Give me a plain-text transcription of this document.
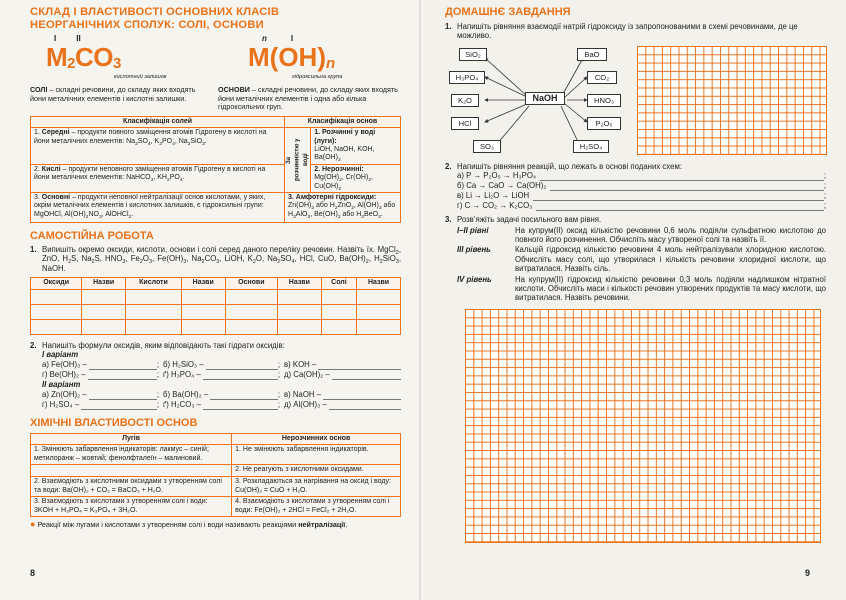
СКЛАД І ВЛАСТИВОСТІ ОСНОВНИХ КЛАСІВ
НЕОРГАНІЧНИХ СПОЛУК: СОЛІ, ОСНОВИ
I	II
$M_2CO_3$
кислотний залишок
n	I
$M(OH)_n$
гідроксильна група
СОЛІ – складні речовини, до складу яких входять йони металічних елементів і кислотні залишки.
ОСНОВИ – складні речовини, до складу яких входять йони металічних елементів і одна або кілька гідроксильних груп.
Класифікація солей	Класифікація основ	
1. Середні – продукти повного заміщення атомів Гідрогену в кислоті на йони металічних елементів: $Na_2SO_4$, $K_3PO_4$, $Na_2SiO_3$.	За розчинністю у воді	1. Розчинні у воді (луги):
LiOH, NaOH, KOH, $Ba(OH)_2$
2. Кислі – продукти неповного заміщення атомів Гідрогену в кислоті на йони металічних елементів: NaHCO$_3$, $KH_2PO_4$.		2. Нерозчинні:
$Mg(OH)_2$, $Cr(OH)_2$, $Cu(OH)_2$
3. Основні – продукти неповної нейтралізації основ кислотами, у яких, окрім металічних елементів і кислотних залишків, є гідроксильні групи: MgOHCl, $Al(OH)_2NO_3$, AlOHCl$_2$.	3. Амфотерні гідроксиди:
$Zn(OH)_2$ або $H_2ZnO_2$, $Al(OH)_3$ або $H_3AlO_3$, $Be(OH)_2$ або $H_2BeO_2$.	
САМОСТІЙНА РОБОТА
1. Випишіть окремо оксиди, кислоти, основи і солі серед даного переліку речовин. Назвіть їх. MgCl$_2$, ZnO, $H_2S$, $Na_2S$, $HNO_3$, $Fe_2O_3$, $Fe(OH)_3$, $Na_2CO_3$, LiOH, $K_2O$, $Na_2SO_4$, HCl, CuO, $Ba(OH)_2$, $H_2SiO_3$, NaOH.
Оксиди	Назви	Кислоти	Назви	Основи	Назви	Солі	Назви

2. Напишіть формули оксидів, яким відповідають такі гідрати оксидів:
I варіант
а) Fe(OH)₃ –	; б) H₂SiO₃ –	; в) KOH –
г) Be(OH)₂ –	; ґ) H₃PO₄ –	; д) Ca(OH)₂ –
II варіант
а) Zn(OH)₂ –	; б) Ba(OH)₂ –	; в) NaOH –
г) H₂SO₄ –	; ґ) H₂CO₃ –	; д) Al(OH)₃ –
ХІМІЧНІ ВЛАСТИВОСТІ ОСНОВ
Лугів	Нерозчинних основ
1. Змінюють забарвлення індикаторів: лакмус – синій; метилоранж – жовтий; фенолфталеїн – малиновий.	1. Не змінюють забарвлення індикаторів.
	2. Не реагують з кислотними оксидами.
2. Взаємодіють з кислотними оксидами з утворенням солі та води: Ba(OH)₂ + CO₂ = BaCO₃ + H₂O.	3. Розкладаються за нагрівання на оксид і воду: Cu(OH)₂ = CuO + H₂O.
3. Взаємодіють з кислотами з утворенням солі і води: 3KOH + H₃PO₄ = K₃PO₄ + 3H₂O.	4. Взаємодіють з кислотами з утворенням солі і води: Fe(OH)₂ + 2HCl = FeCl₂ + 2H₂O.
● Реакції між лугами і кислотами з утворенням солі і води називають реакціями нейтралізації.
8
ДОМАШНЄ ЗАВДАННЯ
1. Напишіть рівняння взаємодії натрій гідроксиду із запропонованими в схемі речовинами, де це можливо.
SiO₂
H₃PO₄
K₂O
HCl
SO₃
NaOH
BaO
CO₂
HNO₃
P₂O₅
H₂SO₄
2. Напишіть рівняння реакцій, що лежать в основі поданих схем:
а) P → P₂O₅ → H₃PO₄	;
б) Ca → CaO → Ca(OH)₂	;
в) Li → Li₂O → LiOH	;
г) C → CO₂ → K₂CO₃	;
3. Розв’яжіть задачі посильного вам рівня.
I–II рівні	На купрум(II) оксид кількістю речовини 0,6 моль подіяли сульфатною кислотою до повного його розчинення. Обчисліть масу утвореної солі та назвіть її.
III рівень	Кальцій гідроксид кількістю речовини 4 моль нейтралізували хлоридною кислотою. Обчисліть масу солі, що утворилася і кількість речовини хлоридної кислоти, що витратилася. Назвіть сіль.
IV рівень	На купрум(II) гідроксид кількістю речовини 0,3 моль подіяли надлишком нітратної кислоти. Обчисліть маси і кількості речовин утворених продуктів та масу кислоти, що витратилася. Назвіть речовини.
9
